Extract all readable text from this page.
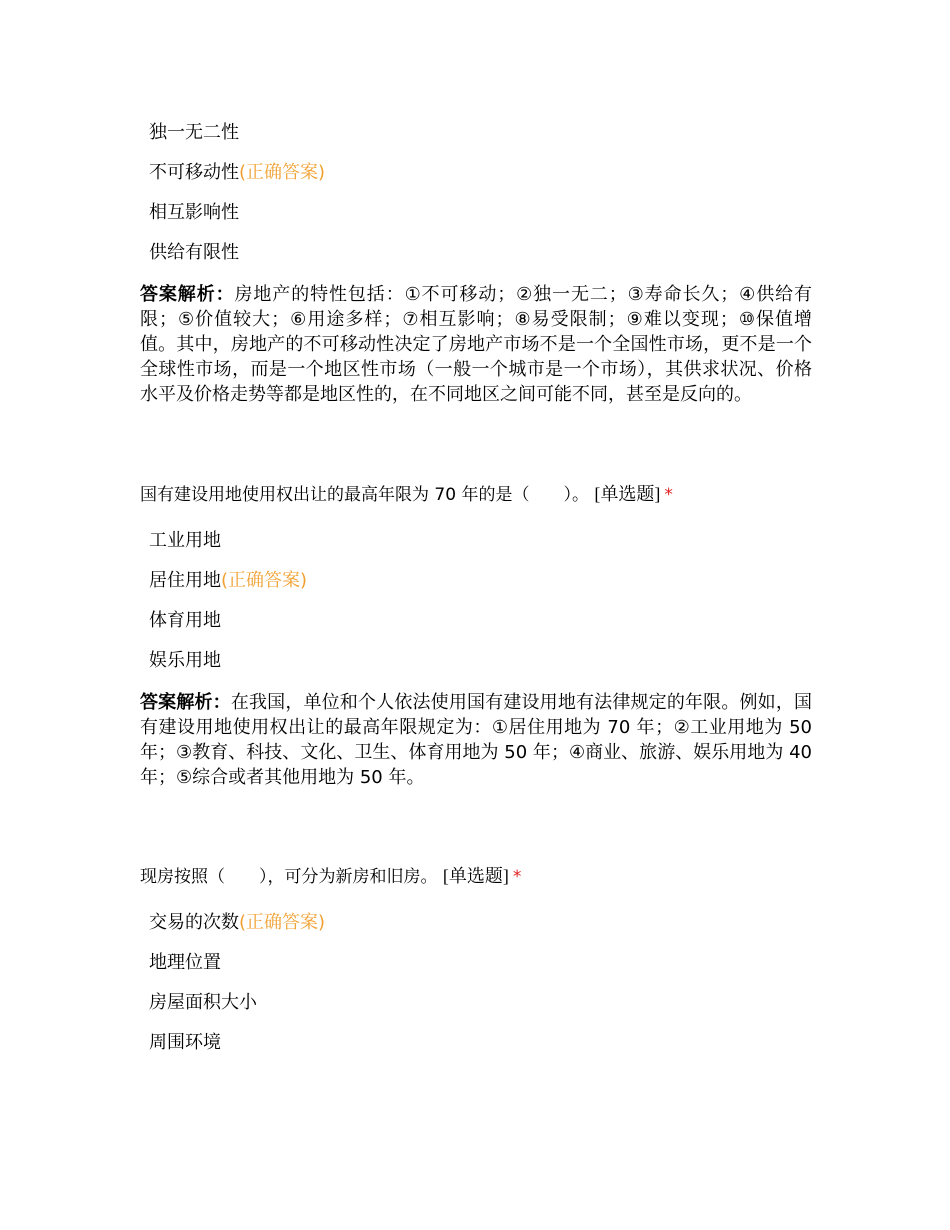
独一无二性
不可移动性(正确答案)
相互影响性
供给有限性
答案解析：房地产的特性包括：①不可移动；②独一无二；③寿命长久；④供给有限；⑤价值较大；⑥用途多样；⑦相互影响；⑧易受限制；⑨难以变现；⑩保值增值。其中，房地产的不可移动性决定了房地产市场不是一个全国性市场，更不是一个全球性市场，而是一个地区性市场（一般一个城市是一个市场），其供求状况、价格水平及价格走势等都是地区性的，在不同地区之间可能不同，甚至是反向的。
国有建设用地使用权出让的最高年限为 70 年的是（　　）。 [单选题] *
工业用地
居住用地(正确答案)
体育用地
娱乐用地
答案解析：在我国，单位和个人依法使用国有建设用地有法律规定的年限。例如，国有建设用地使用权出让的最高年限规定为：①居住用地为 70 年；②工业用地为 50 年；③教育、科技、文化、卫生、体育用地为 50 年；④商业、旅游、娱乐用地为 40 年；⑤综合或者其他用地为 50 年。
现房按照（　　），可分为新房和旧房。 [单选题] *
交易的次数(正确答案)
地理位置
房屋面积大小
周围环境
